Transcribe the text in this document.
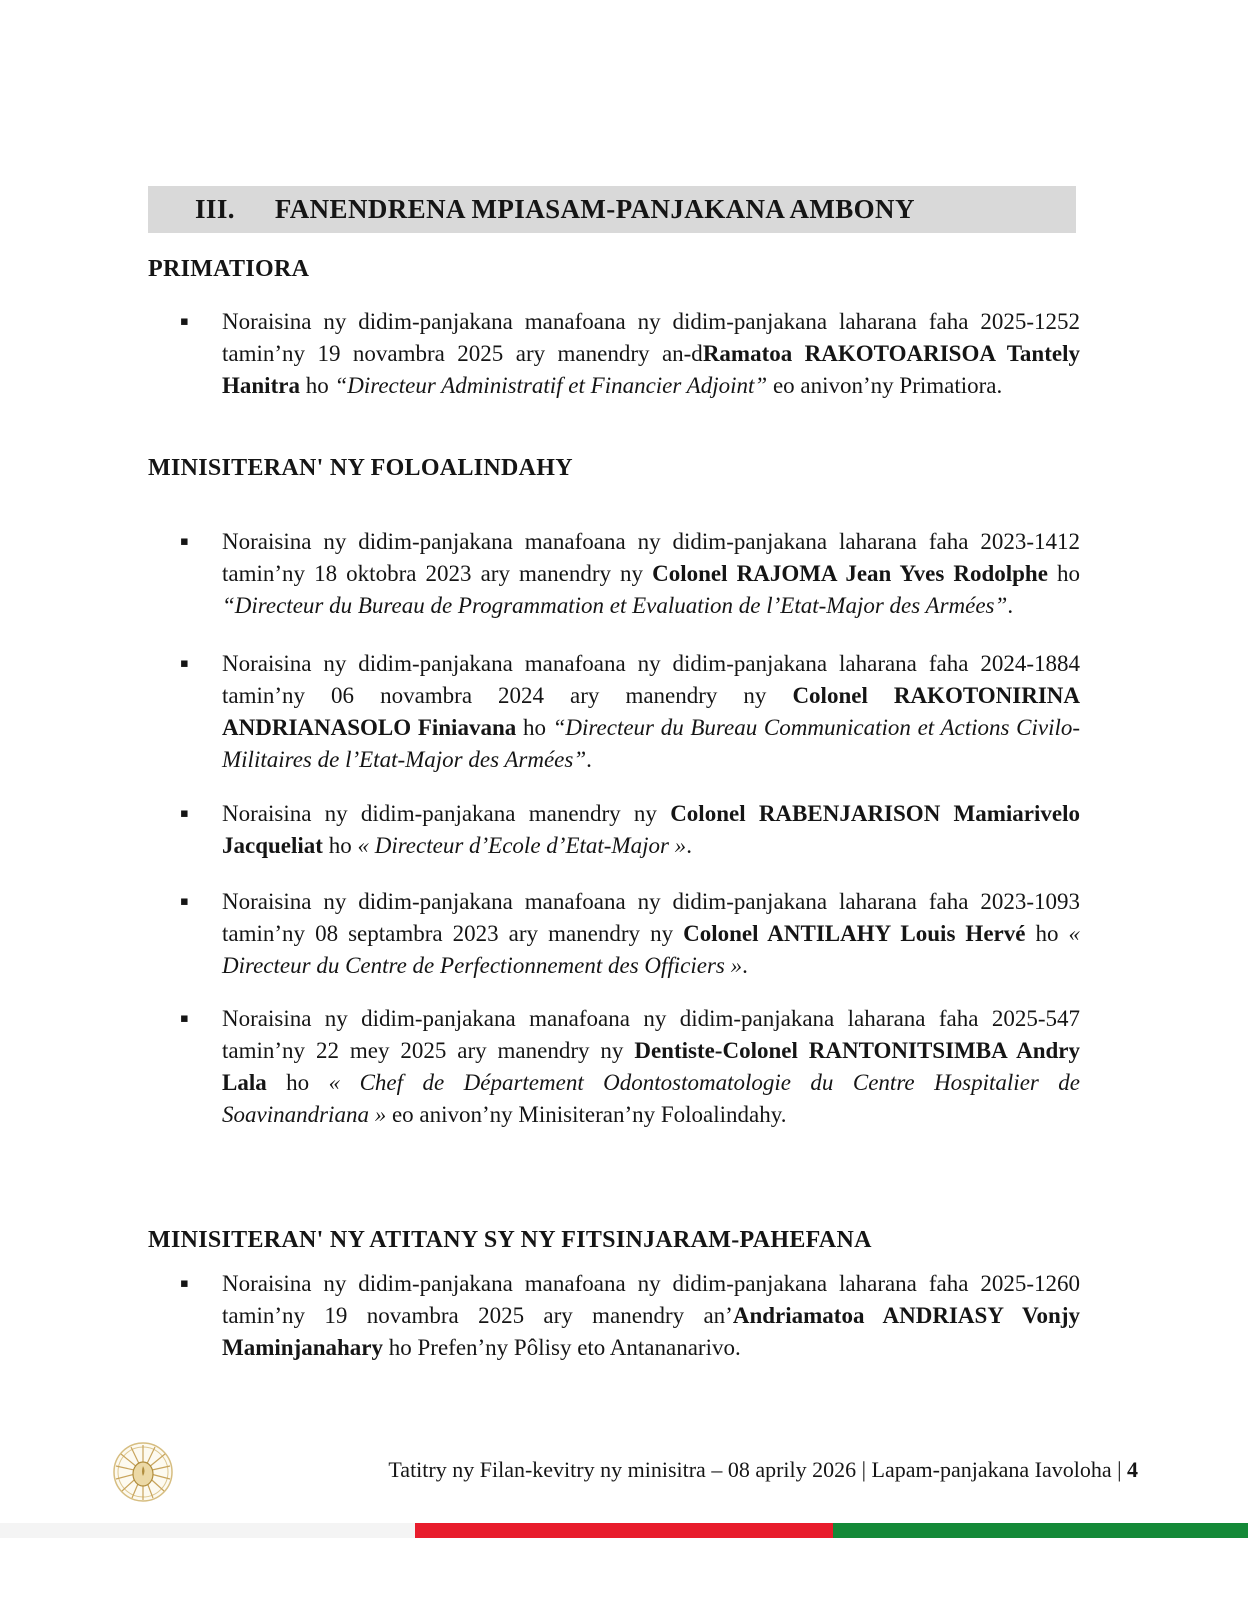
III.	FANENDRENA MPIASAM-PANJAKANA AMBONY
PRIMATIORA
▪	Noraisina ny didim-panjakana manafoana ny didim-panjakana laharana faha 2025-1252 tamin’ny 19 novambra 2025 ary manendry an-dRamatoa RAKOTOARISOA Tantely Hanitra ho “Directeur Administratif et Financier Adjoint” eo anivon’ny Primatiora.

MINISITERAN' NY FOLOALINDAHY
▪	Noraisina ny didim-panjakana manafoana ny didim-panjakana laharana faha 2023-1412 tamin’ny 18 oktobra 2023 ary manendry ny Colonel RAJOMA Jean Yves Rodolphe ho “Directeur du Bureau de Programmation et Evaluation de l’Etat-Major des Armées”.

▪	Noraisina ny didim-panjakana manafoana ny didim-panjakana laharana faha 2024-1884 tamin’ny 06 novambra 2024 ary manendry ny Colonel RAKOTONIRINA ANDRIANASOLO Finiavana ho “Directeur du Bureau Communication et Actions Civilo-Militaires de l’Etat-Major des Armées”.

▪	Noraisina ny didim-panjakana manendry ny Colonel RABENJARISON Mamiarivelo Jacqueliat ho « Directeur d’Ecole d’Etat-Major ».

▪	Noraisina ny didim-panjakana manafoana ny didim-panjakana laharana faha 2023-1093 tamin’ny 08 septambra 2023 ary manendry ny Colonel ANTILAHY Louis Hervé ho « Directeur du Centre de Perfectionnement des Officiers ».

▪	Noraisina ny didim-panjakana manafoana ny didim-panjakana laharana faha 2025-547 tamin’ny 22 mey 2025 ary manendry ny Dentiste-Colonel RANTONITSIMBA Andry Lala ho « Chef de Département Odontostomatologie du Centre Hospitalier de Soavinandriana » eo anivon’ny Minisiteran’ny Foloalindahy.

MINISITERAN' NY ATITANY SY NY FITSINJARAM-PAHEFANA
▪	Noraisina ny didim-panjakana manafoana ny didim-panjakana laharana faha 2025-1260 tamin’ny 19 novambra 2025 ary manendry an’Andriamatoa ANDRIASY Vonjy Maminjanahary ho Prefen’ny Pôlisy eto Antananarivo.

Tatitry ny Filan-kevitry ny minisitra – 08 aprily 2026 | Lapam-panjakana Iavoloha | 4
